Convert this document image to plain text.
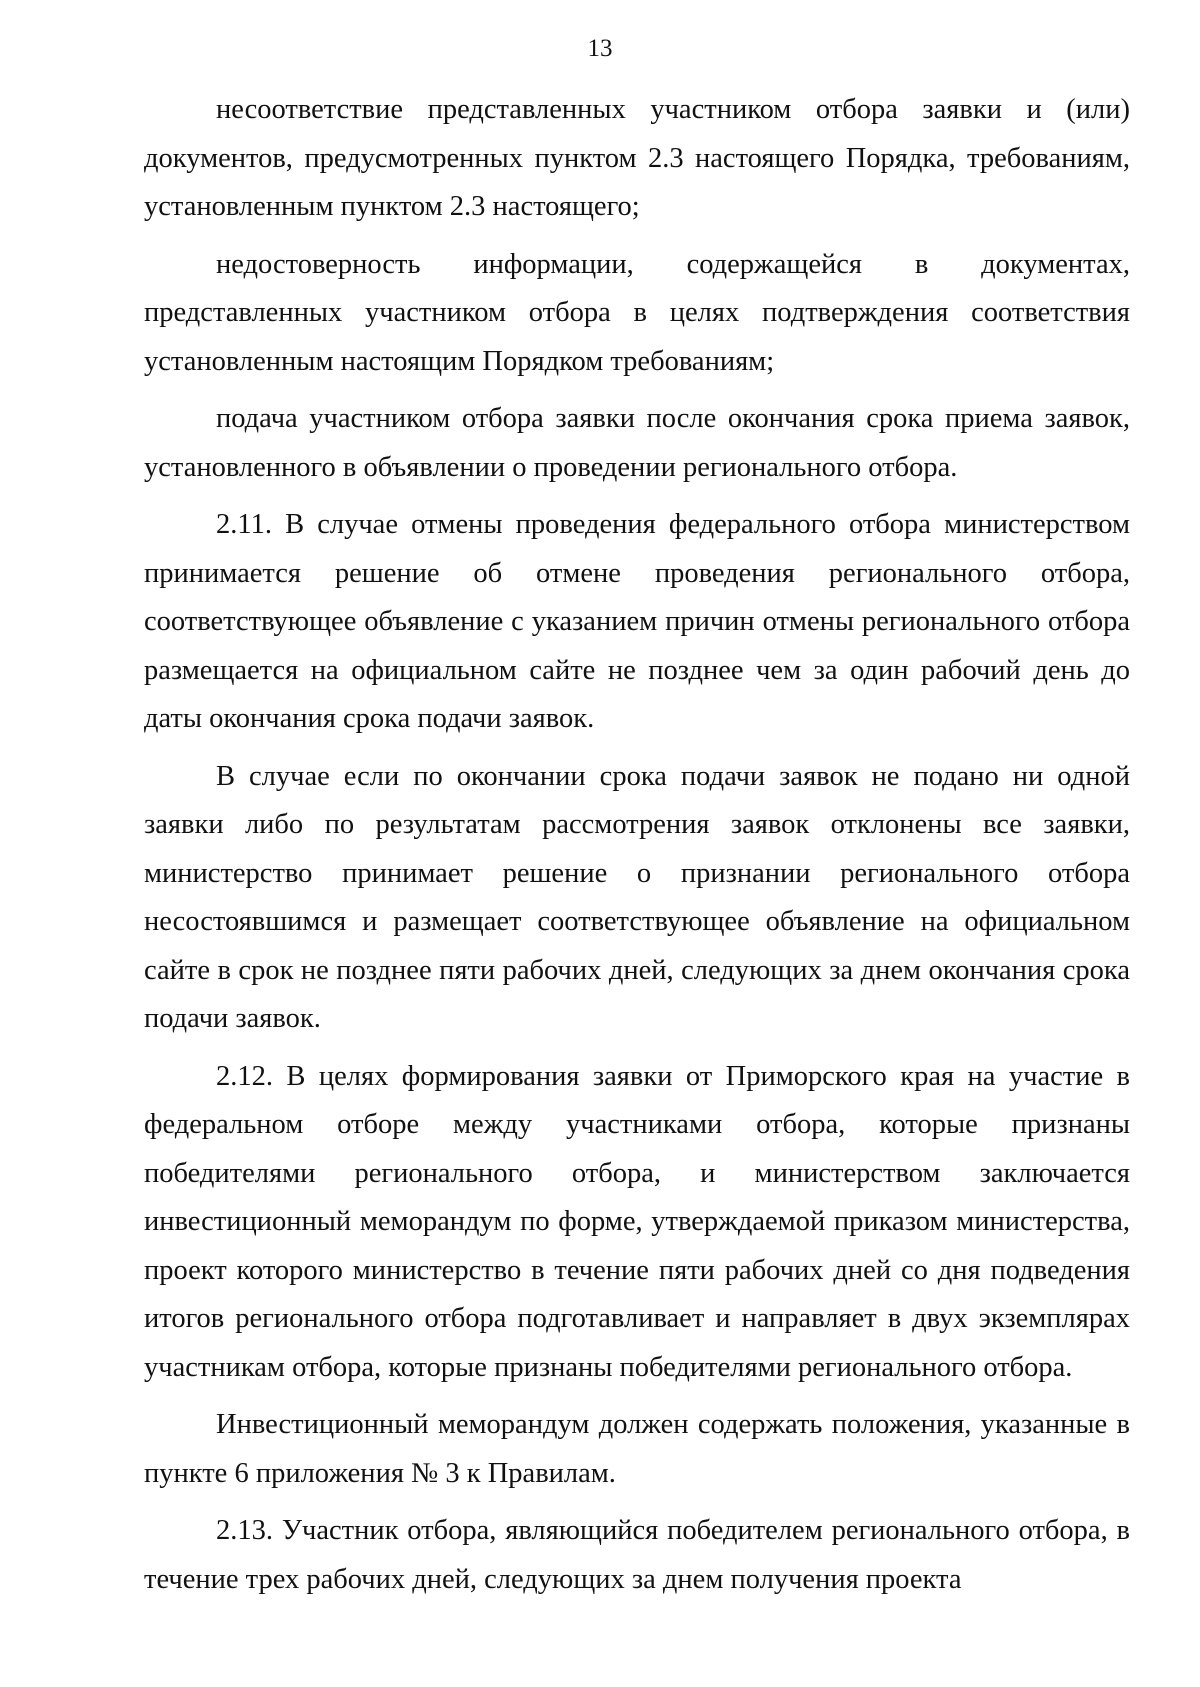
13

несоответствие представленных участником отбора заявки и (или) документов, предусмотренных пунктом 2.3 настоящего Порядка, требованиям, установленным пунктом 2.3 настоящего;

недостоверность информации, содержащейся в документах, представленных участником отбора в целях подтверждения соответствия установленным настоящим Порядком требованиям;

подача участником отбора заявки после окончания срока приема заявок, установленного в объявлении о проведении регионального отбора.

2.11. В случае отмены проведения федерального отбора министерством принимается решение об отмене проведения регионального отбора, соответствующее объявление с указанием причин отмены регионального отбора размещается на официальном сайте не позднее чем за один рабочий день до даты окончания срока подачи заявок.

В случае если по окончании срока подачи заявок не подано ни одной заявки либо по результатам рассмотрения заявок отклонены все заявки, министерство принимает решение о признании регионального отбора несостоявшимся и размещает соответствующее объявление на официальном сайте в срок не позднее пяти рабочих дней, следующих за днем окончания срока подачи заявок.

2.12. В целях формирования заявки от Приморского края на участие в федеральном отборе между участниками отбора, которые признаны победителями регионального отбора, и министерством заключается инвестиционный меморандум по форме, утверждаемой приказом министерства, проект которого министерство в течение пяти рабочих дней со дня подведения итогов регионального отбора подготавливает и направляет в двух экземплярах участникам отбора, которые признаны победителями регионального отбора.

Инвестиционный меморандум должен содержать положения, указанные в пункте 6 приложения № 3 к Правилам.

2.13. Участник отбора, являющийся победителем регионального отбора, в течение трех рабочих дней, следующих за днем получения проекта
